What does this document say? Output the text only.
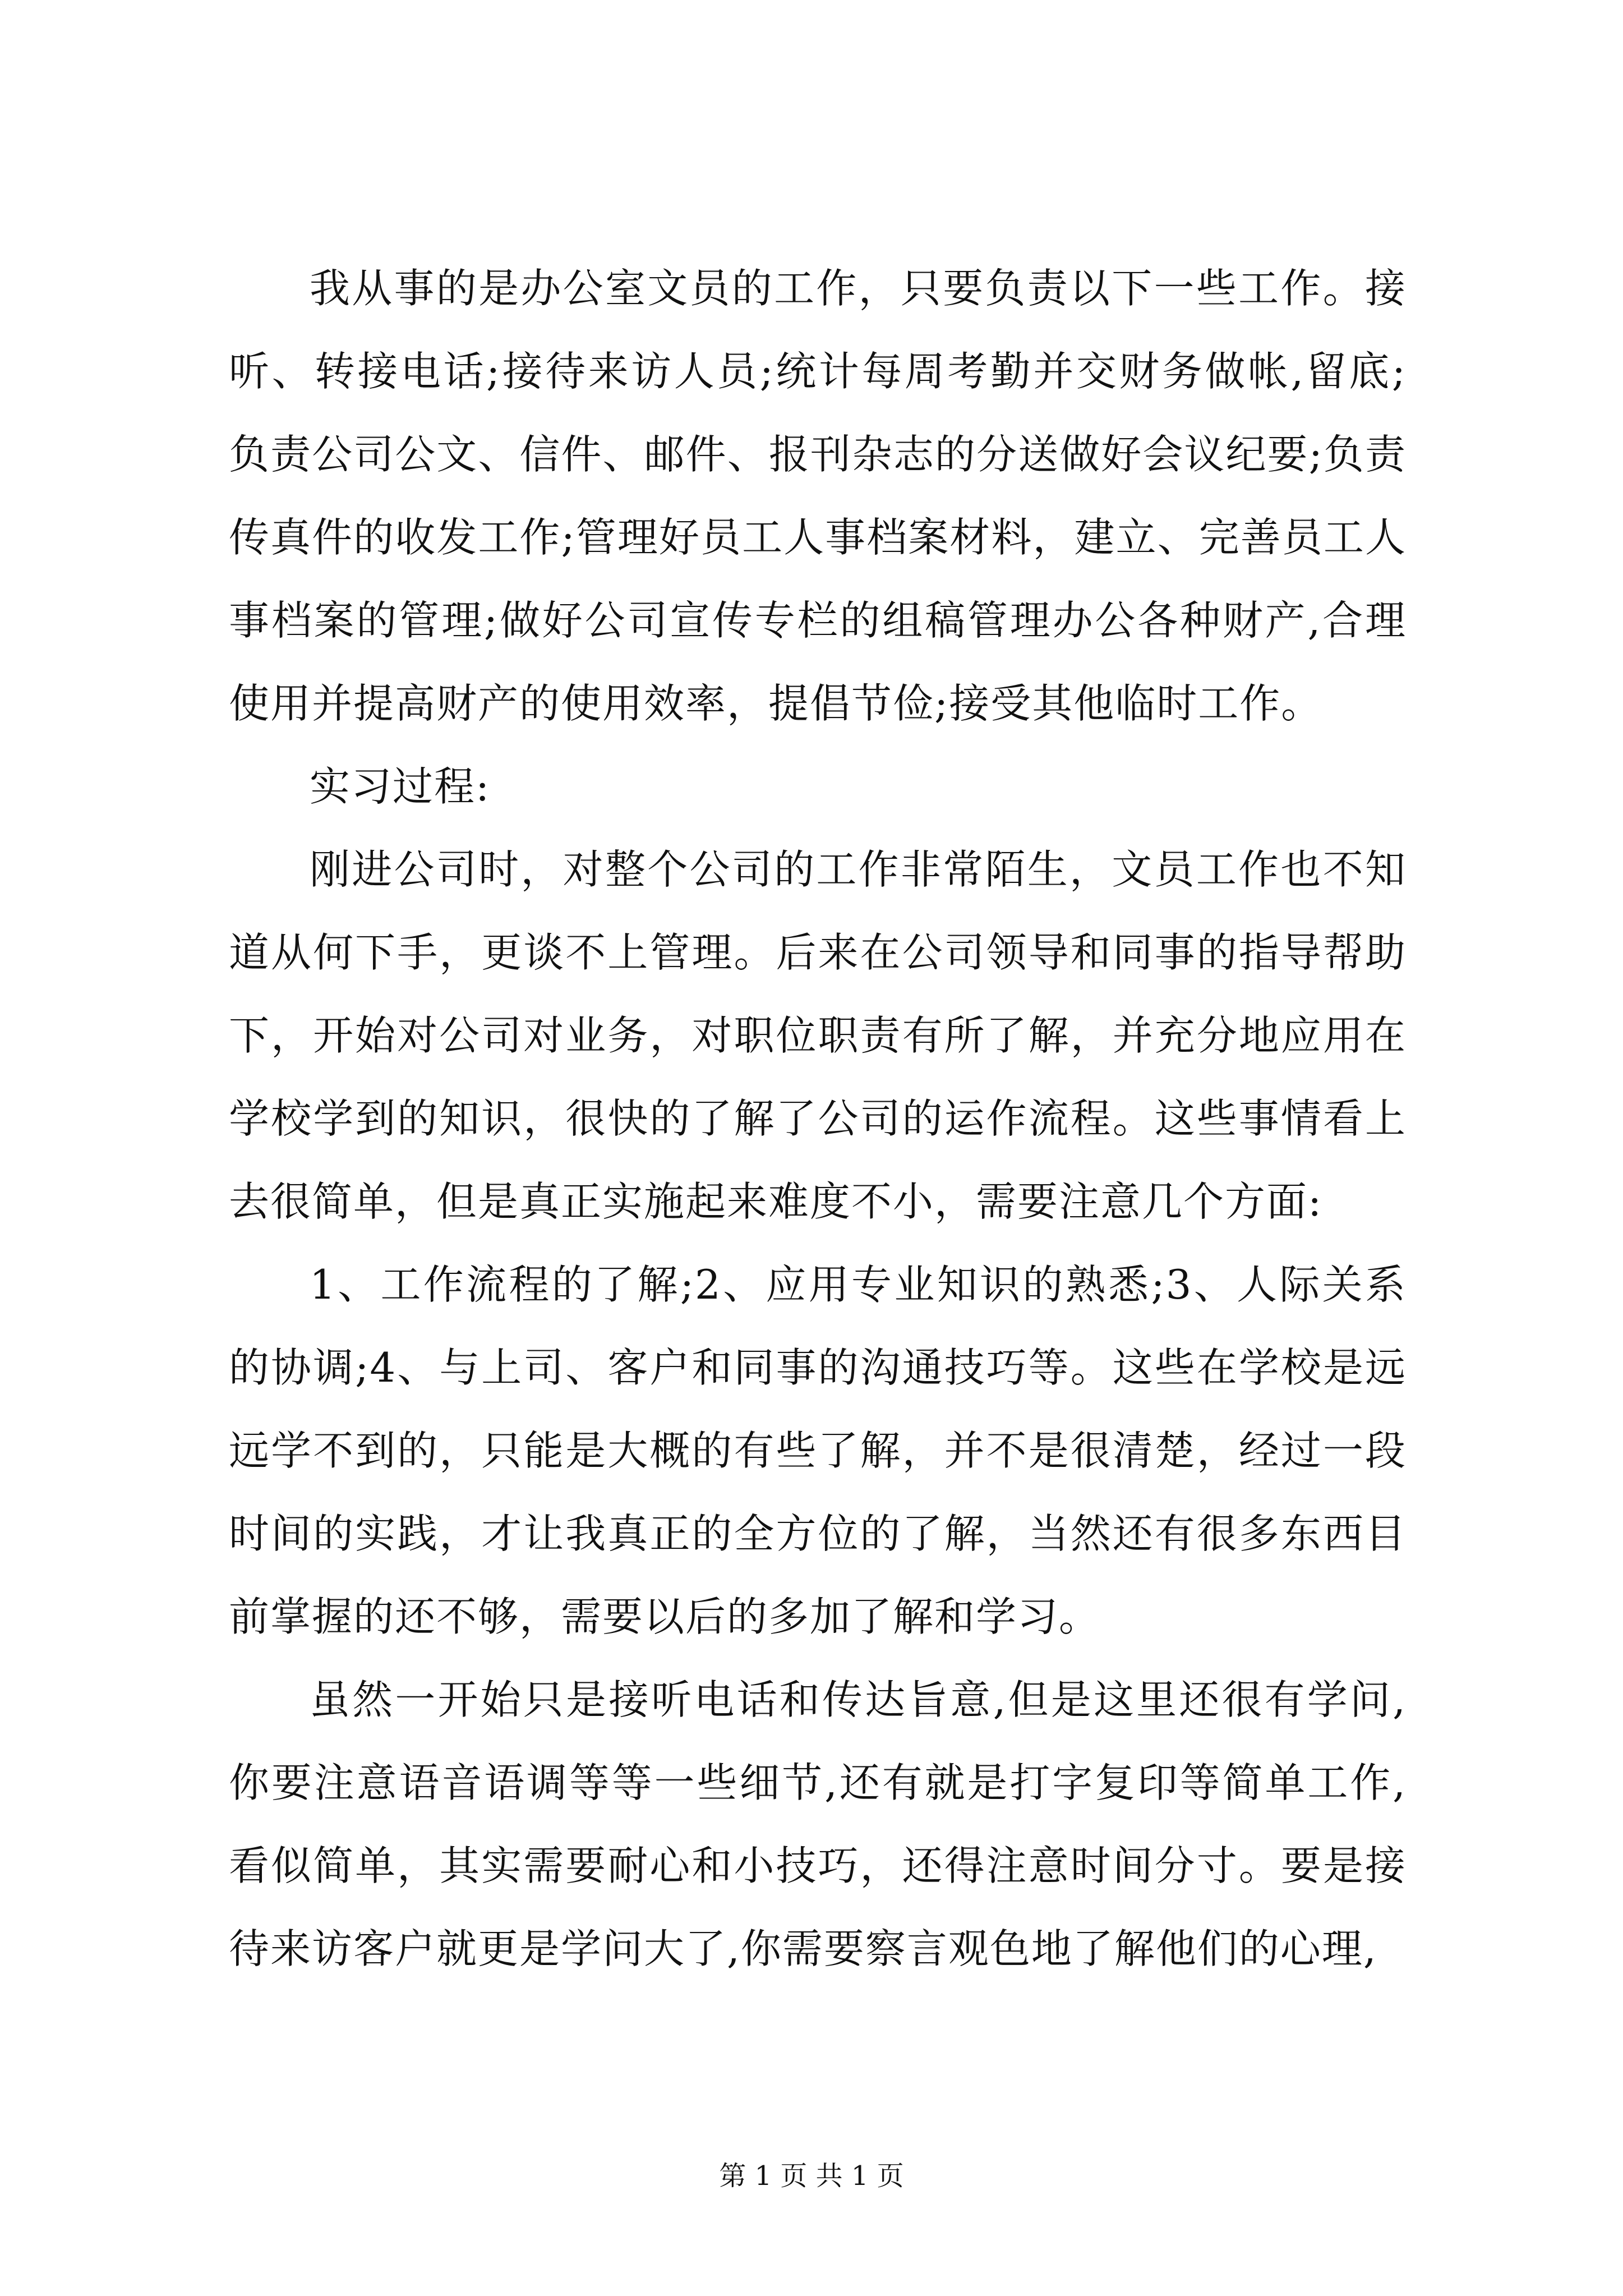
我从事的是办公室文员的工作，只要负责以下一些工作。接听、转接电话;接待来访人员;统计每周考勤并交财务做帐,留底;负责公司公文、信件、邮件、报刊杂志的分送做好会议纪要;负责传真件的收发工作;管理好员工人事档案材料，建立、完善员工人事档案的管理;做好公司宣传专栏的组稿管理办公各种财产,合理使用并提高财产的使用效率，提倡节俭;接受其他临时工作。

实习过程:

刚进公司时，对整个公司的工作非常陌生，文员工作也不知道从何下手，更谈不上管理。后来在公司领导和同事的指导帮助下，开始对公司对业务，对职位职责有所了解，并充分地应用在学校学到的知识，很快的了解了公司的运作流程。这些事情看上去很简单，但是真正实施起来难度不小，需要注意几个方面:

1、工作流程的了解;2、应用专业知识的熟悉;3、人际关系的协调;4、与上司、客户和同事的沟通技巧等。这些在学校是远远学不到的，只能是大概的有些了解，并不是很清楚，经过一段时间的实践，才让我真正的全方位的了解，当然还有很多东西目前掌握的还不够，需要以后的多加了解和学习。

虽然一开始只是接听电话和传达旨意,但是这里还很有学问,你要注意语音语调等等一些细节,还有就是打字复印等简单工作,看似简单，其实需要耐心和小技巧，还得注意时间分寸。要是接待来访客户就更是学问大了,你需要察言观色地了解他们的心理,

第 1 页 共 1 页
